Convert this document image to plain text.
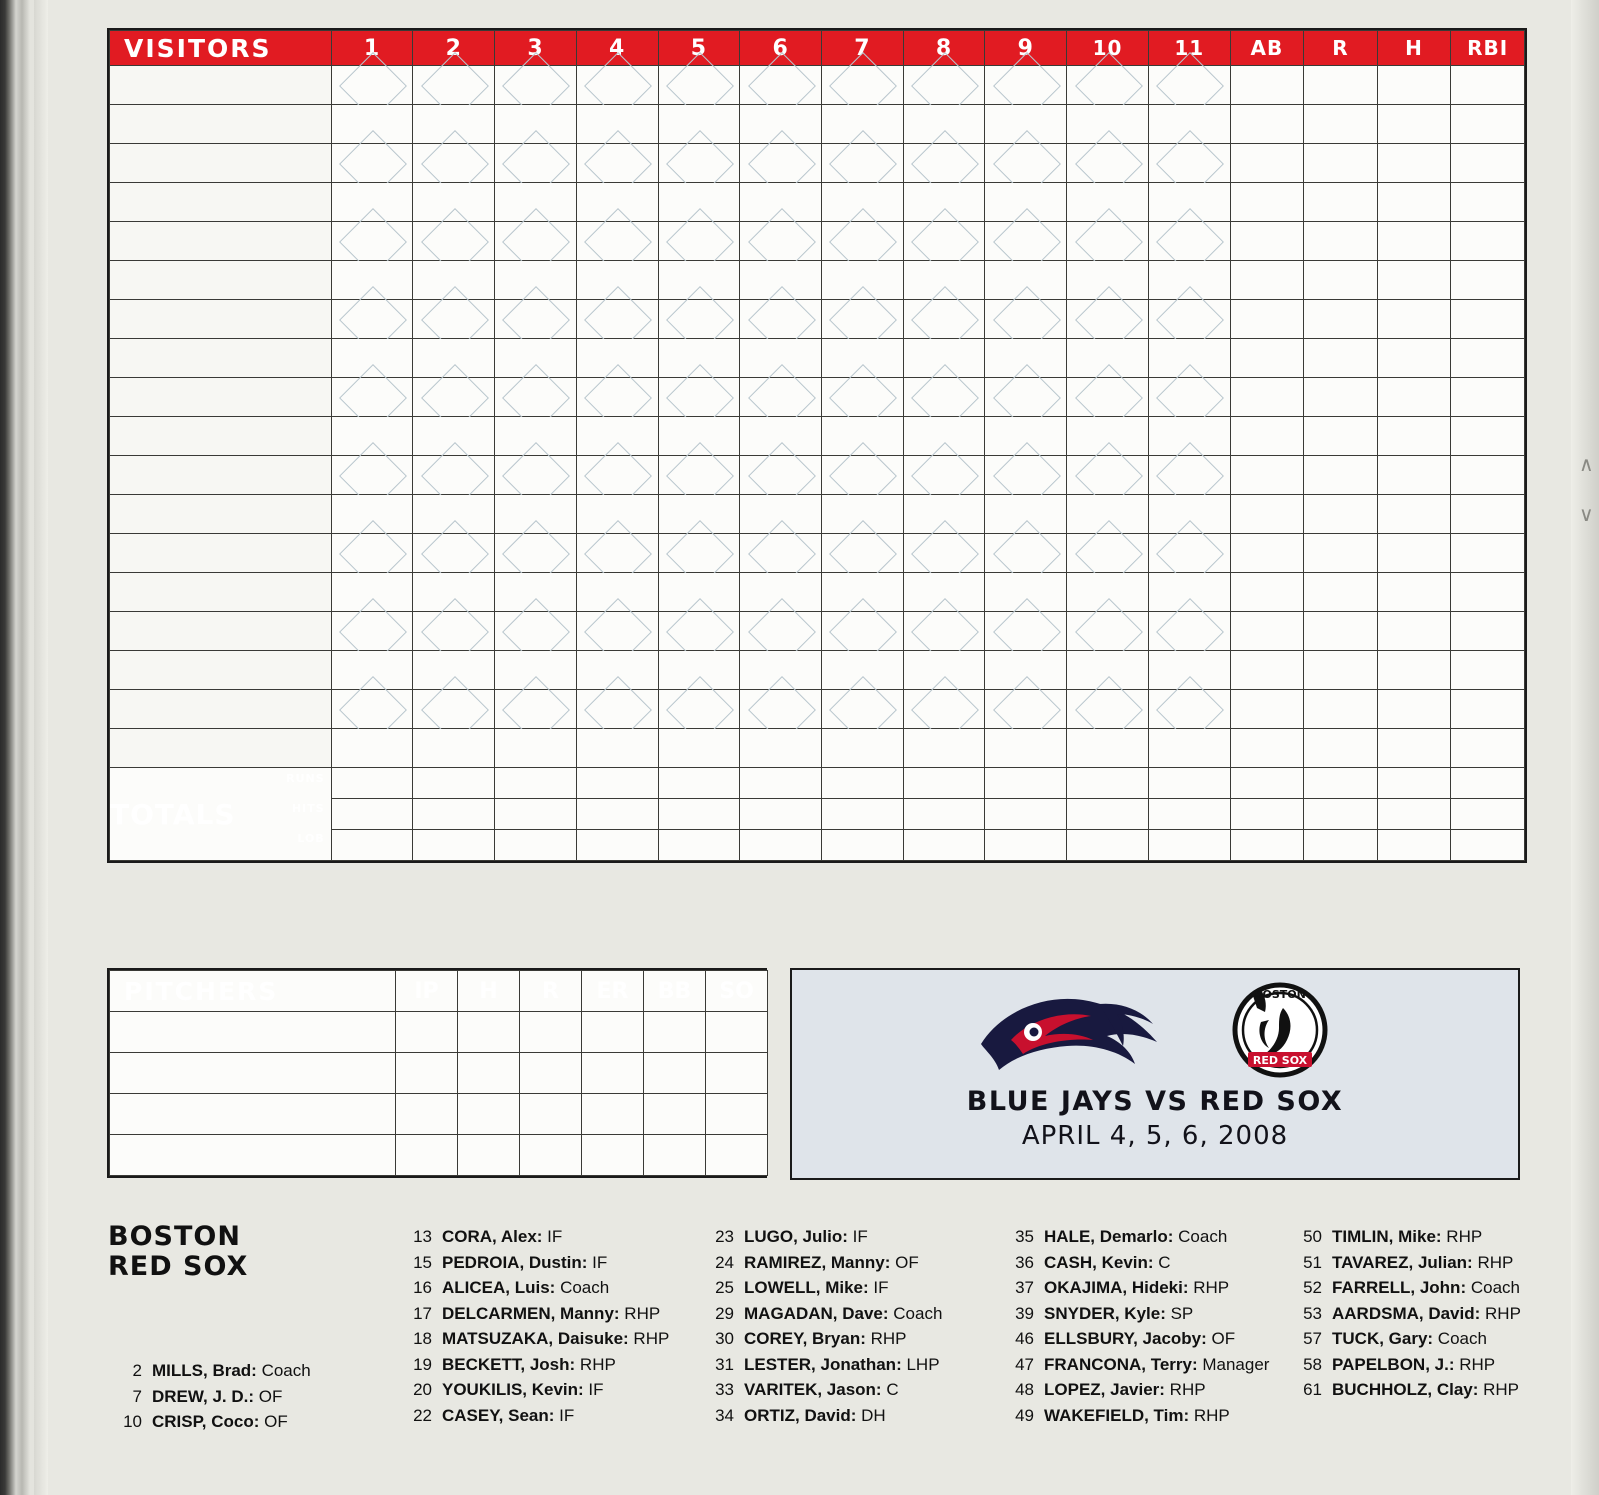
∧
∨
VISITORS	1	2	3	4	5	6	7	8	9	10	11	AB	R	H	RBI

TOTALS
RUNS
HITS
LOB															

PITCHERS	IP	H	R	ER	BB	SO

							BOSTON
RED SOX
BLUE JAYS VS RED SOX
APRIL 4, 5, 6, 2008
BOSTON
RED SOX
2 MILLS, Brad: Coach
7 DREW, J. D.: OF
10 CRISP, Coco: OF
13 CORA, Alex: IF
15 PEDROIA, Dustin: IF
16 ALICEA, Luis: Coach
17 DELCARMEN, Manny: RHP
18 MATSUZAKA, Daisuke: RHP
19 BECKETT, Josh: RHP
20 YOUKILIS, Kevin: IF
22 CASEY, Sean: IF
23 LUGO, Julio: IF
24 RAMIREZ, Manny: OF
25 LOWELL, Mike: IF
29 MAGADAN, Dave: Coach
30 COREY, Bryan: RHP
31 LESTER, Jonathan: LHP
33 VARITEK, Jason: C
34 ORTIZ, David: DH
35 HALE, Demarlo: Coach
36 CASH, Kevin: C
37 OKAJIMA, Hideki: RHP
39 SNYDER, Kyle: SP
46 ELLSBURY, Jacoby: OF
47 FRANCONA, Terry: Manager
48 LOPEZ, Javier: RHP
49 WAKEFIELD, Tim: RHP
50 TIMLIN, Mike: RHP
51 TAVAREZ, Julian: RHP
52 FARRELL, John: Coach
53 AARDSMA, David: RHP
57 TUCK, Gary: Coach
58 PAPELBON, J.: RHP
61 BUCHHOLZ, Clay: RHP
